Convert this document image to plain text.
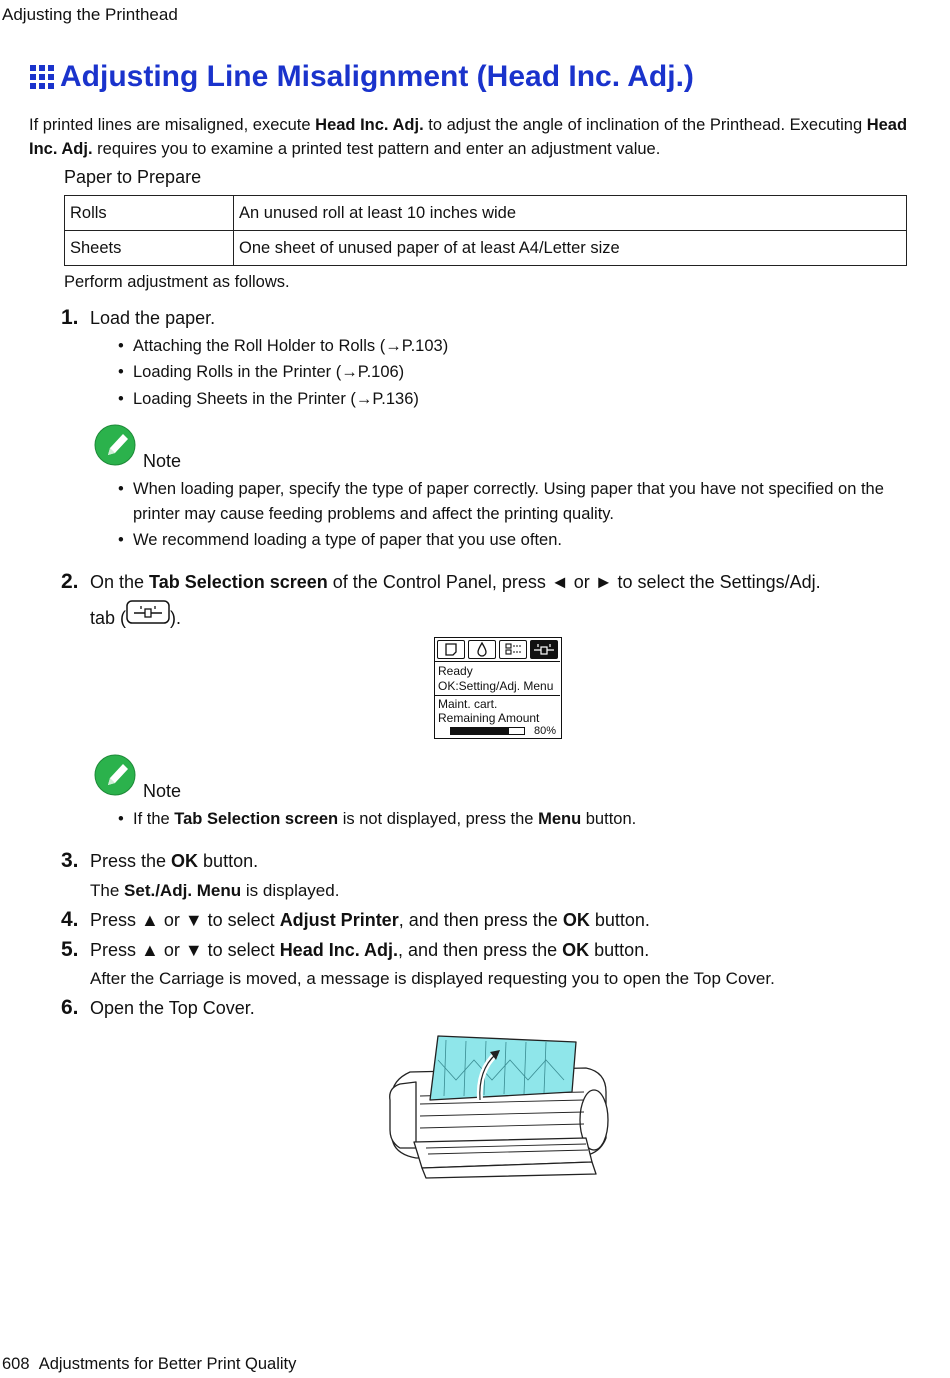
Adjusting the Printhead
Adjusting Line Misalignment (Head Inc. Adj.)
If printed lines are misaligned, execute Head Inc. Adj. to adjust the angle of inclination of the Printhead. Executing Head Inc. Adj. requires you to examine a printed test pattern and enter an adjustment value.
Paper to Prepare
Rolls	An unused roll at least 10 inches wide
Sheets	One sheet of unused paper of at least A4/Letter size
Perform adjustment as follows.
1. Load the paper.
• Attaching the Roll Holder to Rolls (→P.103)
• Loading Rolls in the Printer (→P.106)
• Loading Sheets in the Printer (→P.136)
Note
• When loading paper, specify the type of paper correctly. Using paper that you have not specified on the printer may cause feeding problems and affect the printing quality.
• We recommend loading a type of paper that you use often.
2. On the Tab Selection screen of the Control Panel, press ◄ or ► to select the Settings/Adj.
tab ( ).
Ready
OK:Setting/Adj. Menu
Maint. cart.
Remaining Amount
80%
Note
• If the Tab Selection screen is not displayed, press the Menu button.
3. Press the OK button.
The Set./Adj. Menu is displayed.
4. Press ▲ or ▼ to select Adjust Printer, and then press the OK button.
5. Press ▲ or ▼ to select Head Inc. Adj., and then press the OK button.
After the Carriage is moved, a message is displayed requesting you to open the Top Cover.
6. Open the Top Cover.
608 Adjustments for Better Print Quality
